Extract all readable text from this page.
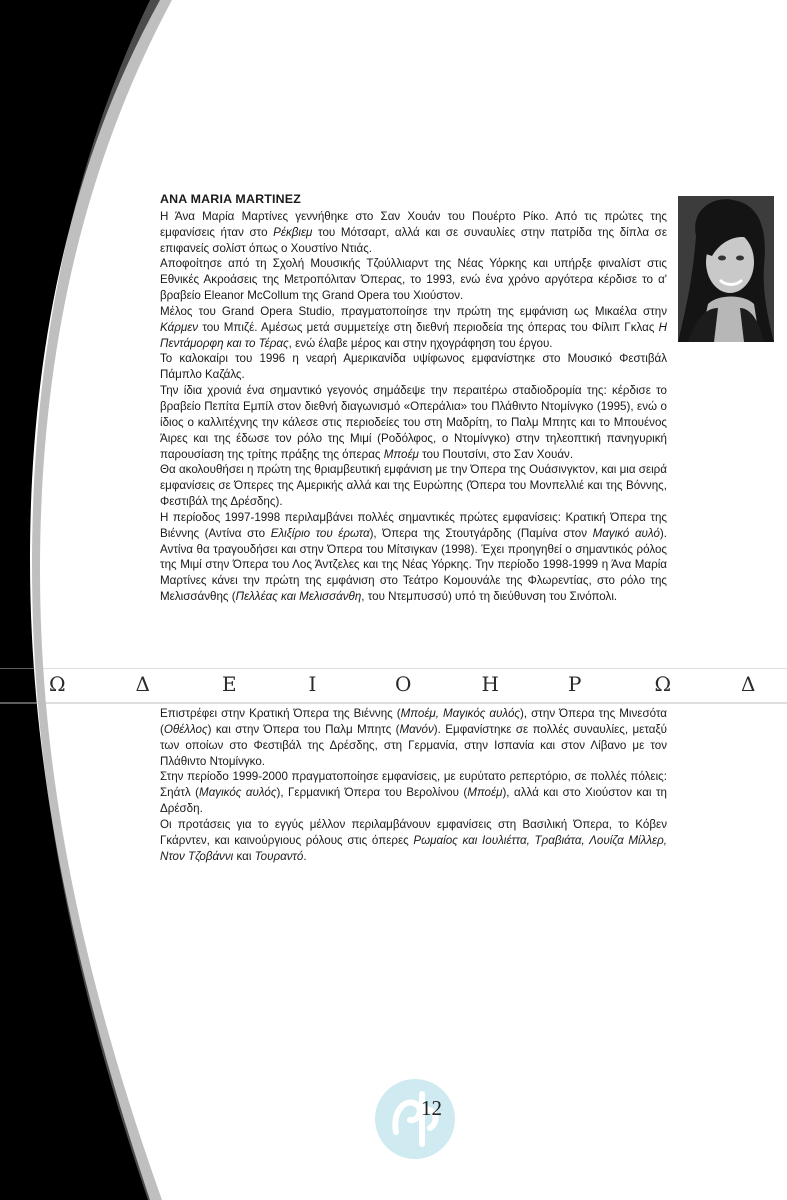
ANA MARIA MARTINEZ

Η Άνα Μαρία Μαρτίνες γεννήθηκε στο Σαν Χουάν του Πουέρτο Ρίκο. Από τις πρώτες της εμφανίσεις ήταν στο Ρέκβιεμ του Μότσαρτ, αλλά και σε συναυλίες στην πατρίδα της δίπλα σε επιφανείς σολίστ όπως ο Χουστίνο Ντιάς.

Αποφοίτησε από τη Σχολή Μουσικής Τζούλλιαρντ της Νέας Υόρκης και υπήρξε φιναλίστ στις Εθνικές Ακροάσεις της Μετροπόλιταν Όπερας, το 1993, ενώ ένα χρόνο αργότερα κέρδισε το α' βραβείο Eleanor McCollum της Grand Opera του Χιούστον.

Μέλος του Grand Opera Studio, πραγματοποίησε την πρώτη της εμφάνιση ως Μικαέλα στην Κάρμεν του Μπιζέ. Αμέσως μετά συμμετείχε στη διεθνή περιοδεία της όπερας του Φίλιπ Γκλας Η Πεντάμορφη και το Τέρας, ενώ έλαβε μέρος και στην ηχογράφηση του έργου.

Το καλοκαίρι του 1996 η νεαρή Αμερικανίδα υψίφωνος εμφανίστηκε στο Μουσικό Φεστιβάλ Πάμπλο Καζάλς.

Την ίδια χρονιά ένα σημαντικό γεγονός σημάδεψε την περαιτέρω σταδιοδρομία της: κέρδισε το βραβείο Πεπίτα Εμπίλ στον διεθνή διαγωνισμό «Οπεράλια» του Πλάθιντο Ντομίνγκο (1995), ενώ ο ίδιος ο καλλιτέχνης την κάλεσε στις περιοδείες του στη Μαδρίτη, το Παλμ Μπητς και το Μπουένος Άιρες και της έδωσε τον ρόλο της Μιμί (Ροδόλφος, ο Ντομίνγκο) στην τηλεοπτική πανηγυρική παρουσίαση της τρίτης πράξης της όπερας Μποέμ του Πουτσίνι, στο Σαν Χουάν.

Θα ακολουθήσει η πρώτη της θριαμβευτική εμφάνιση με την Όπερα της Ουάσινγκτον, και μια σειρά εμφανίσεις σε Όπερες της Αμερικής αλλά και της Ευρώπης (Όπερα του Μονπελλιέ και της Βόννης, Φεστιβάλ της Δρέσδης).

Η περίοδος 1997-1998 περιλαμβάνει πολλές σημαντικές πρώτες εμφανίσεις: Κρατική Όπερα της Βιέννης (Αντίνα στο Ελιξίριο του έρωτα), Όπερα της Στουτγάρδης (Παμίνα στον Μαγικό αυλό). Αντίνα θα τραγουδήσει και στην Όπερα του Μίτσιγκαν (1998). Έχει προηγηθεί ο σημαντικός ρόλος της Μιμί στην Όπερα του Λος Άντζελες και της Νέας Υόρκης. Την περίοδο 1998-1999 η Άνα Μαρία Μαρτίνες κάνει την πρώτη της εμφάνιση στο Τεάτρο Κομουνάλε της Φλωρεντίας, στο ρόλο της Μελισσάνθης (Πελλέας και Μελισσάνθη, του Ντεμπυσσύ) υπό τη διεύθυνση του Σινόπολι.

Ω	Δ	Ε	Ι	Ο	Η	Ρ	Ω	Δ

Επιστρέφει στην Κρατική Όπερα της Βιέννης (Μποέμ, Μαγικός αυλός), στην Όπερα της Μινεσότα (Οθέλλος) και στην Όπερα του Παλμ Μπητς (Μανόν). Εμφανίστηκε σε πολλές συναυλίες, μεταξύ των οποίων στο Φεστιβάλ της Δρέσδης, στη Γερμανία, στην Ισπανία και στον Λίβανο με τον Πλάθιντο Ντομίνγκο.

Στην περίοδο 1999-2000 πραγματοποίησε εμφανίσεις, με ευρύτατο ρεπερτόριο, σε πολλές πόλεις: Σηάτλ (Μαγικός αυλός), Γερμανική Όπερα του Βερολίνου (Μποέμ), αλλά και στο Χιούστον και τη Δρέσδη.

Οι προτάσεις για το εγγύς μέλλον περιλαμβάνουν εμφανίσεις στη Βασιλική Όπερα, το Κόβεν Γκάρντεν, και καινούργιους ρόλους στις όπερες Ρωμαίος και Ιουλιέττα, Τραβιάτα, Λουίζα Μίλλερ, Ντον Τζοβάννι και Τουραντό.

12
